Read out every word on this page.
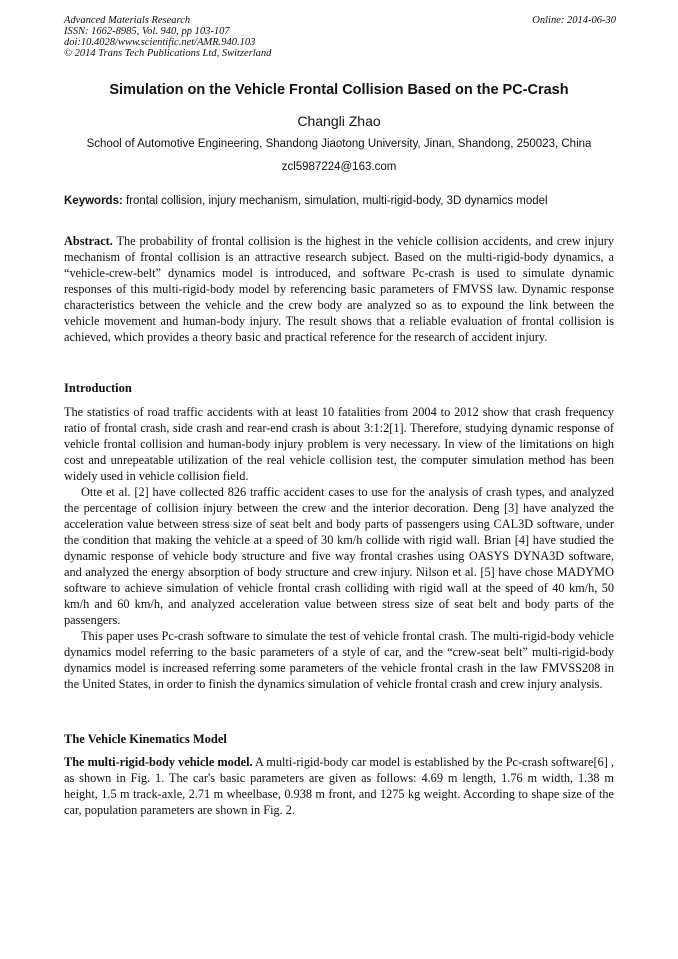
Advanced Materials Research
ISSN: 1662-8985, Vol. 940, pp 103-107
doi:10.4028/www.scientific.net/AMR.940.103
© 2014 Trans Tech Publications Ltd, Switzerland
Online: 2014-06-30
Simulation on the Vehicle Frontal Collision Based on the PC-Crash
Changli Zhao
School of Automotive Engineering, Shandong Jiaotong University, Jinan, Shandong, 250023, China
zcl5987224@163.com
Keywords: frontal collision, injury mechanism, simulation, multi-rigid-body, 3D dynamics model

Abstract. The probability of frontal collision is the highest in the vehicle collision accidents, and crew injury mechanism of frontal collision is an attractive research subject. Based on the multi-rigid-body dynamics, a “vehicle-crew-belt” dynamics model is introduced, and software Pc-crash is used to simulate dynamic responses of this multi-rigid-body model by referencing basic parameters of FMVSS law. Dynamic response characteristics between the vehicle and the crew body are analyzed so as to expound the link between the vehicle movement and human-body injury. The result shows that a reliable evaluation of frontal collision is achieved, which provides a theory basic and practical reference for the research of accident injury.

Introduction

The statistics of road traffic accidents with at least 10 fatalities from 2004 to 2012 show that crash frequency ratio of frontal crash, side crash and rear-end crash is about 3:1:2[1]. Therefore, studying dynamic response of vehicle frontal collision and human-body injury problem is very necessary. In view of the limitations on high cost and unrepeatable utilization of the real vehicle collision test, the computer simulation method has been widely used in vehicle collision field.

Otte et al. [2] have collected 826 traffic accident cases to use for the analysis of crash types, and analyzed the percentage of collision injury between the crew and the interior decoration. Deng [3] have analyzed the acceleration value between stress size of seat belt and body parts of passengers using CAL3D software, under the condition that making the vehicle at a speed of 30 km/h collide with rigid wall. Brian [4] have studied the dynamic response of vehicle body structure and five way frontal crashes using OASYS DYNA3D software, and analyzed the energy absorption of body structure and crew injury. Nilson et al. [5] have chose MADYMO software to achieve simulation of vehicle frontal crash colliding with rigid wall at the speed of 40 km/h, 50 km/h and 60 km/h, and analyzed acceleration value between stress size of seat belt and body parts of the passengers.

This paper uses Pc-crash software to simulate the test of vehicle frontal crash. The multi-rigid-body vehicle dynamics model referring to the basic parameters of a style of car, and the “crew-seat belt” multi-rigid-body dynamics model is increased referring some parameters of the vehicle frontal crash in the law FMVSS208 in the United States, in order to finish the dynamics simulation of vehicle frontal crash and crew injury analysis.

The Vehicle Kinematics Model

The multi-rigid-body vehicle model. A multi-rigid-body car model is established by the Pc-crash software[6] , as shown in Fig. 1. The car's basic parameters are given as follows: 4.69 m length, 1.76 m width, 1.38 m height, 1.5 m track-axle, 2.71 m wheelbase, 0.938 m front, and 1275 kg weight. According to shape size of the car, population parameters are shown in Fig. 2.
